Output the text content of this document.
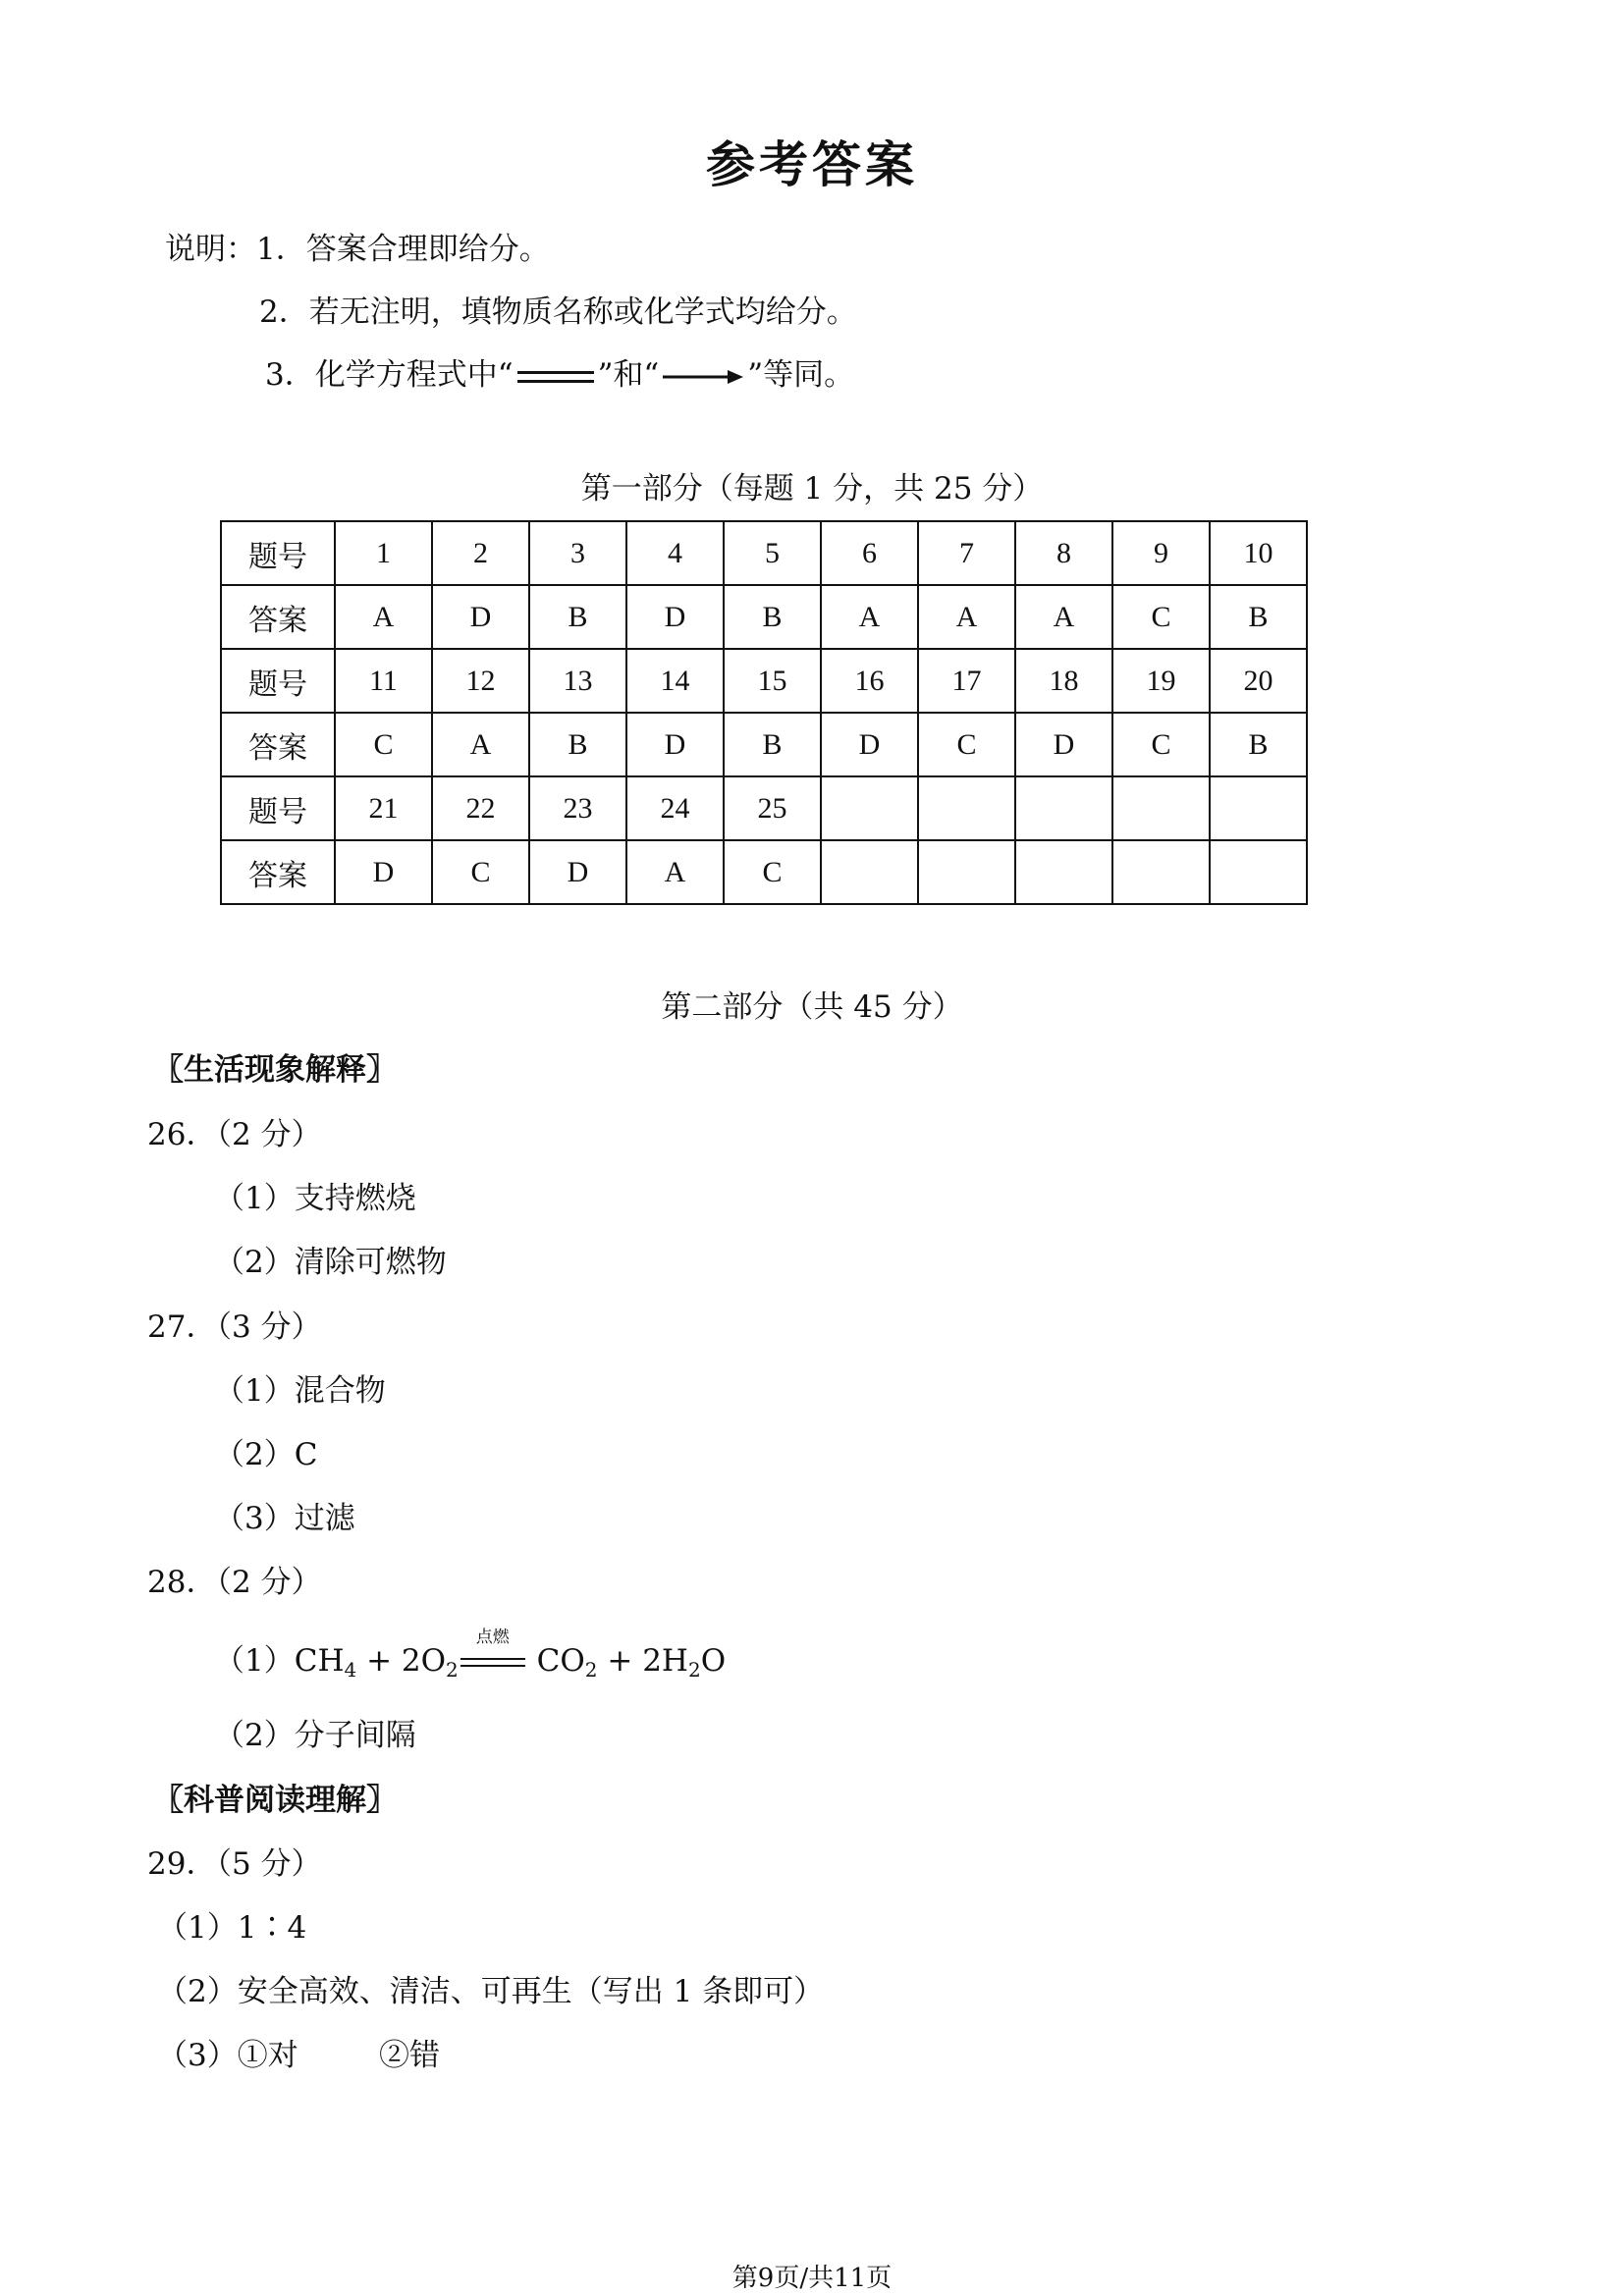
参考答案
说明：1．答案合理即给分。
2．若无注明，填物质名称或化学式均给分。
3．化学方程式中“	”和“	”等同。
第一部分（每题 1 分，共 25 分）
题号	1	2	3	4	5	6	7	8	9	10
答案	A	D	B	D	B	A	A	A	C	B
题号	11	12	13	14	15	16	17	18	19	20
答案	C	A	B	D	B	D	C	D	C	B
题号	21	22	23	24	25					
答案	D	C	D	A	C					
第二部分（共 45 分）
〖生活现象解释〗
26．（2 分）
（1）支持燃烧
（2）清除可燃物
27．（3 分）
（1）混合物
（2）C
（3）过滤
28．（2 分）
$(1)CH_4 + 2O_2$
点燃
$CO_2 + 2H_2O$
（2）分子间隔
〖科普阅读理解〗
29．（5 分）
（1）1∶4
（2）安全高效、清洁、可再生（写出 1 条即可）
（3）①对	②错
第9页/共11页
